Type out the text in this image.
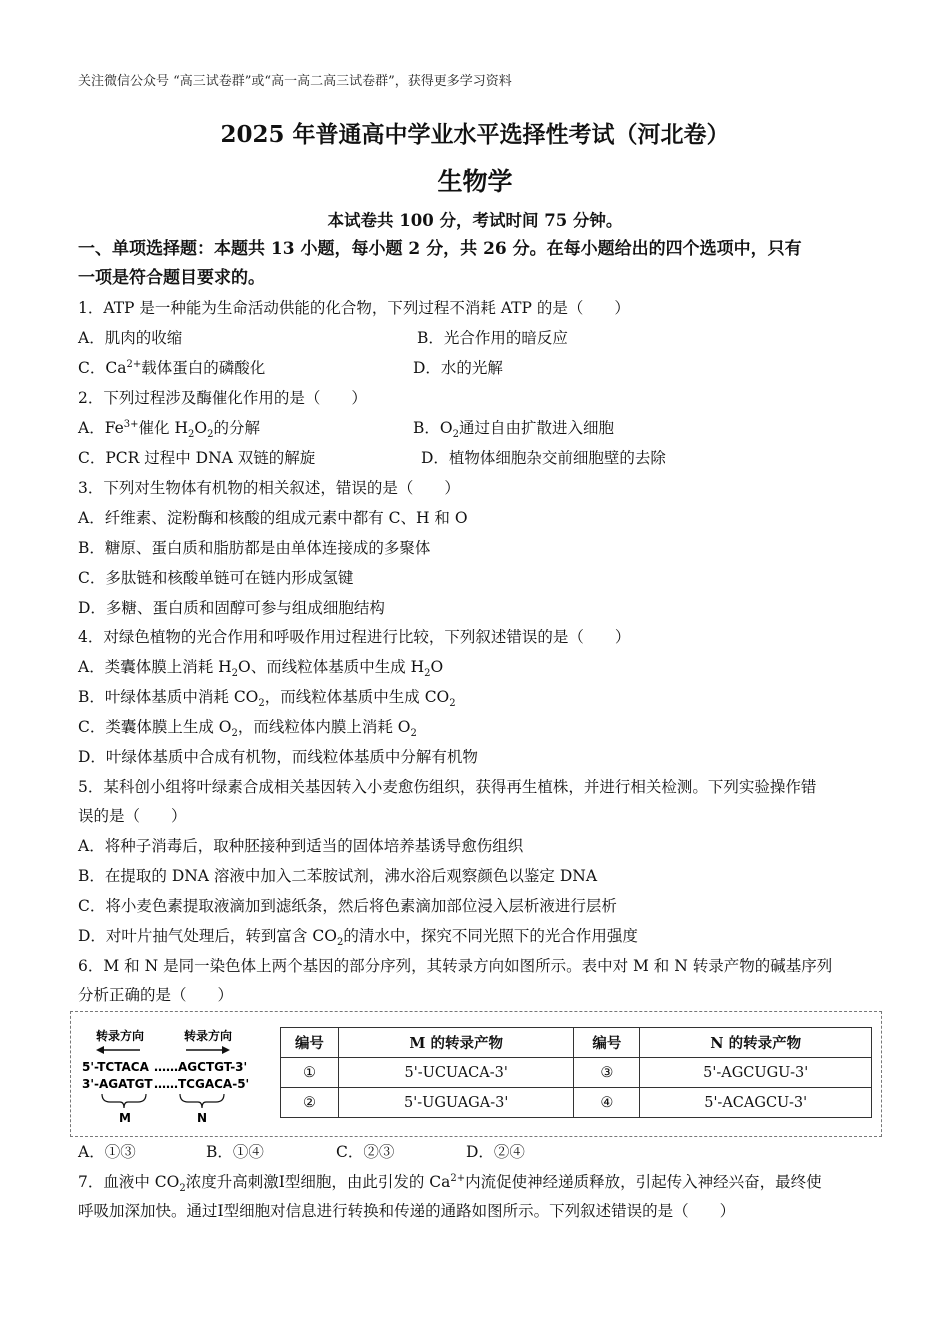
关注微信公众号 “高三试卷群”或“高一高二高三试卷群”，获得更多学习资料
2025 年普通高中学业水平选择性考试（河北卷）
生物学
本试卷共 100 分，考试时间 75 分钟。
一、单项选择题：本题共 13 小题，每小题 2 分，共 26 分。在每小题给出的四个选项中，只有
一项是符合题目要求的。
1．ATP 是一种能为生命活动供能的化合物，下列过程不消耗 ATP 的是（　　）
A．肌肉的收缩	B．光合作用的暗反应
C．$Ca^{2+}$载体蛋白的磷酸化	D．水的光解
2．下列过程涉及酶催化作用的是（　　）
A．$Fe^{3+}$催化 $H_2O_2$的分解	B．$O_2$通过自由扩散进入细胞
C．PCR 过程中 DNA 双链的解旋	D．植物体细胞杂交前细胞壁的去除
3．下列对生物体有机物的相关叙述，错误的是（　　）
A．纤维素、淀粉酶和核酸的组成元素中都有 C、H 和 O
B．糖原、蛋白质和脂肪都是由单体连接成的多聚体
C．多肽链和核酸单链可在链内形成氢键
D．多糖、蛋白质和固醇可参与组成细胞结构
4．对绿色植物的光合作用和呼吸作用过程进行比较，下列叙述错误的是（　　）
A．类囊体膜上消耗 $H_2O$、而线粒体基质中生成 $H_2O$
B．叶绿体基质中消耗 $CO_2$，而线粒体基质中生成 $CO_2$
C．类囊体膜上生成 $O_2$，而线粒体内膜上消耗 $O_2$
D．叶绿体基质中合成有机物，而线粒体基质中分解有机物
5．某科创小组将叶绿素合成相关基因转入小麦愈伤组织，获得再生植株，并进行相关检测。下列实验操作错
误的是（　　）
A．将种子消毒后，取种胚接种到适当的固体培养基诱导愈伤组织
B．在提取的 DNA 溶液中加入二苯胺试剂，沸水浴后观察颜色以鉴定 DNA
C．将小麦色素提取液滴加到滤纸条，然后将色素滴加部位浸入层析液进行层析
D．对叶片抽气处理后，转到富含 $CO_2$的清水中，探究不同光照下的光合作用强度
6．M 和 N 是同一染色体上两个基因的部分序列，其转录方向如图所示。表中对 M 和 N 转录产物的碱基序列
分析正确的是（　　）
转录方向	转录方向
5'-TCTACA …… AGCTGT-3'
3'-AGATGT …… TCGACA-5'
M	N
编号	M 的转录产物	编号	N 的转录产物
①	5'-UCUACA-3'	③	5'-AGCUGU-3'
②	5'-UGUAGA-3'	④	5'-ACAGCU-3'
A．①③	B．①④	C．②③	D．②④
7．血液中 $CO_2$浓度升高刺激Ⅰ型细胞，由此引发的 $Ca^{2+}$内流促使神经递质释放，引起传入神经兴奋，最终使
呼吸加深加快。通过Ⅰ型细胞对信息进行转换和传递的通路如图所示。下列叙述错误的是（　　）
